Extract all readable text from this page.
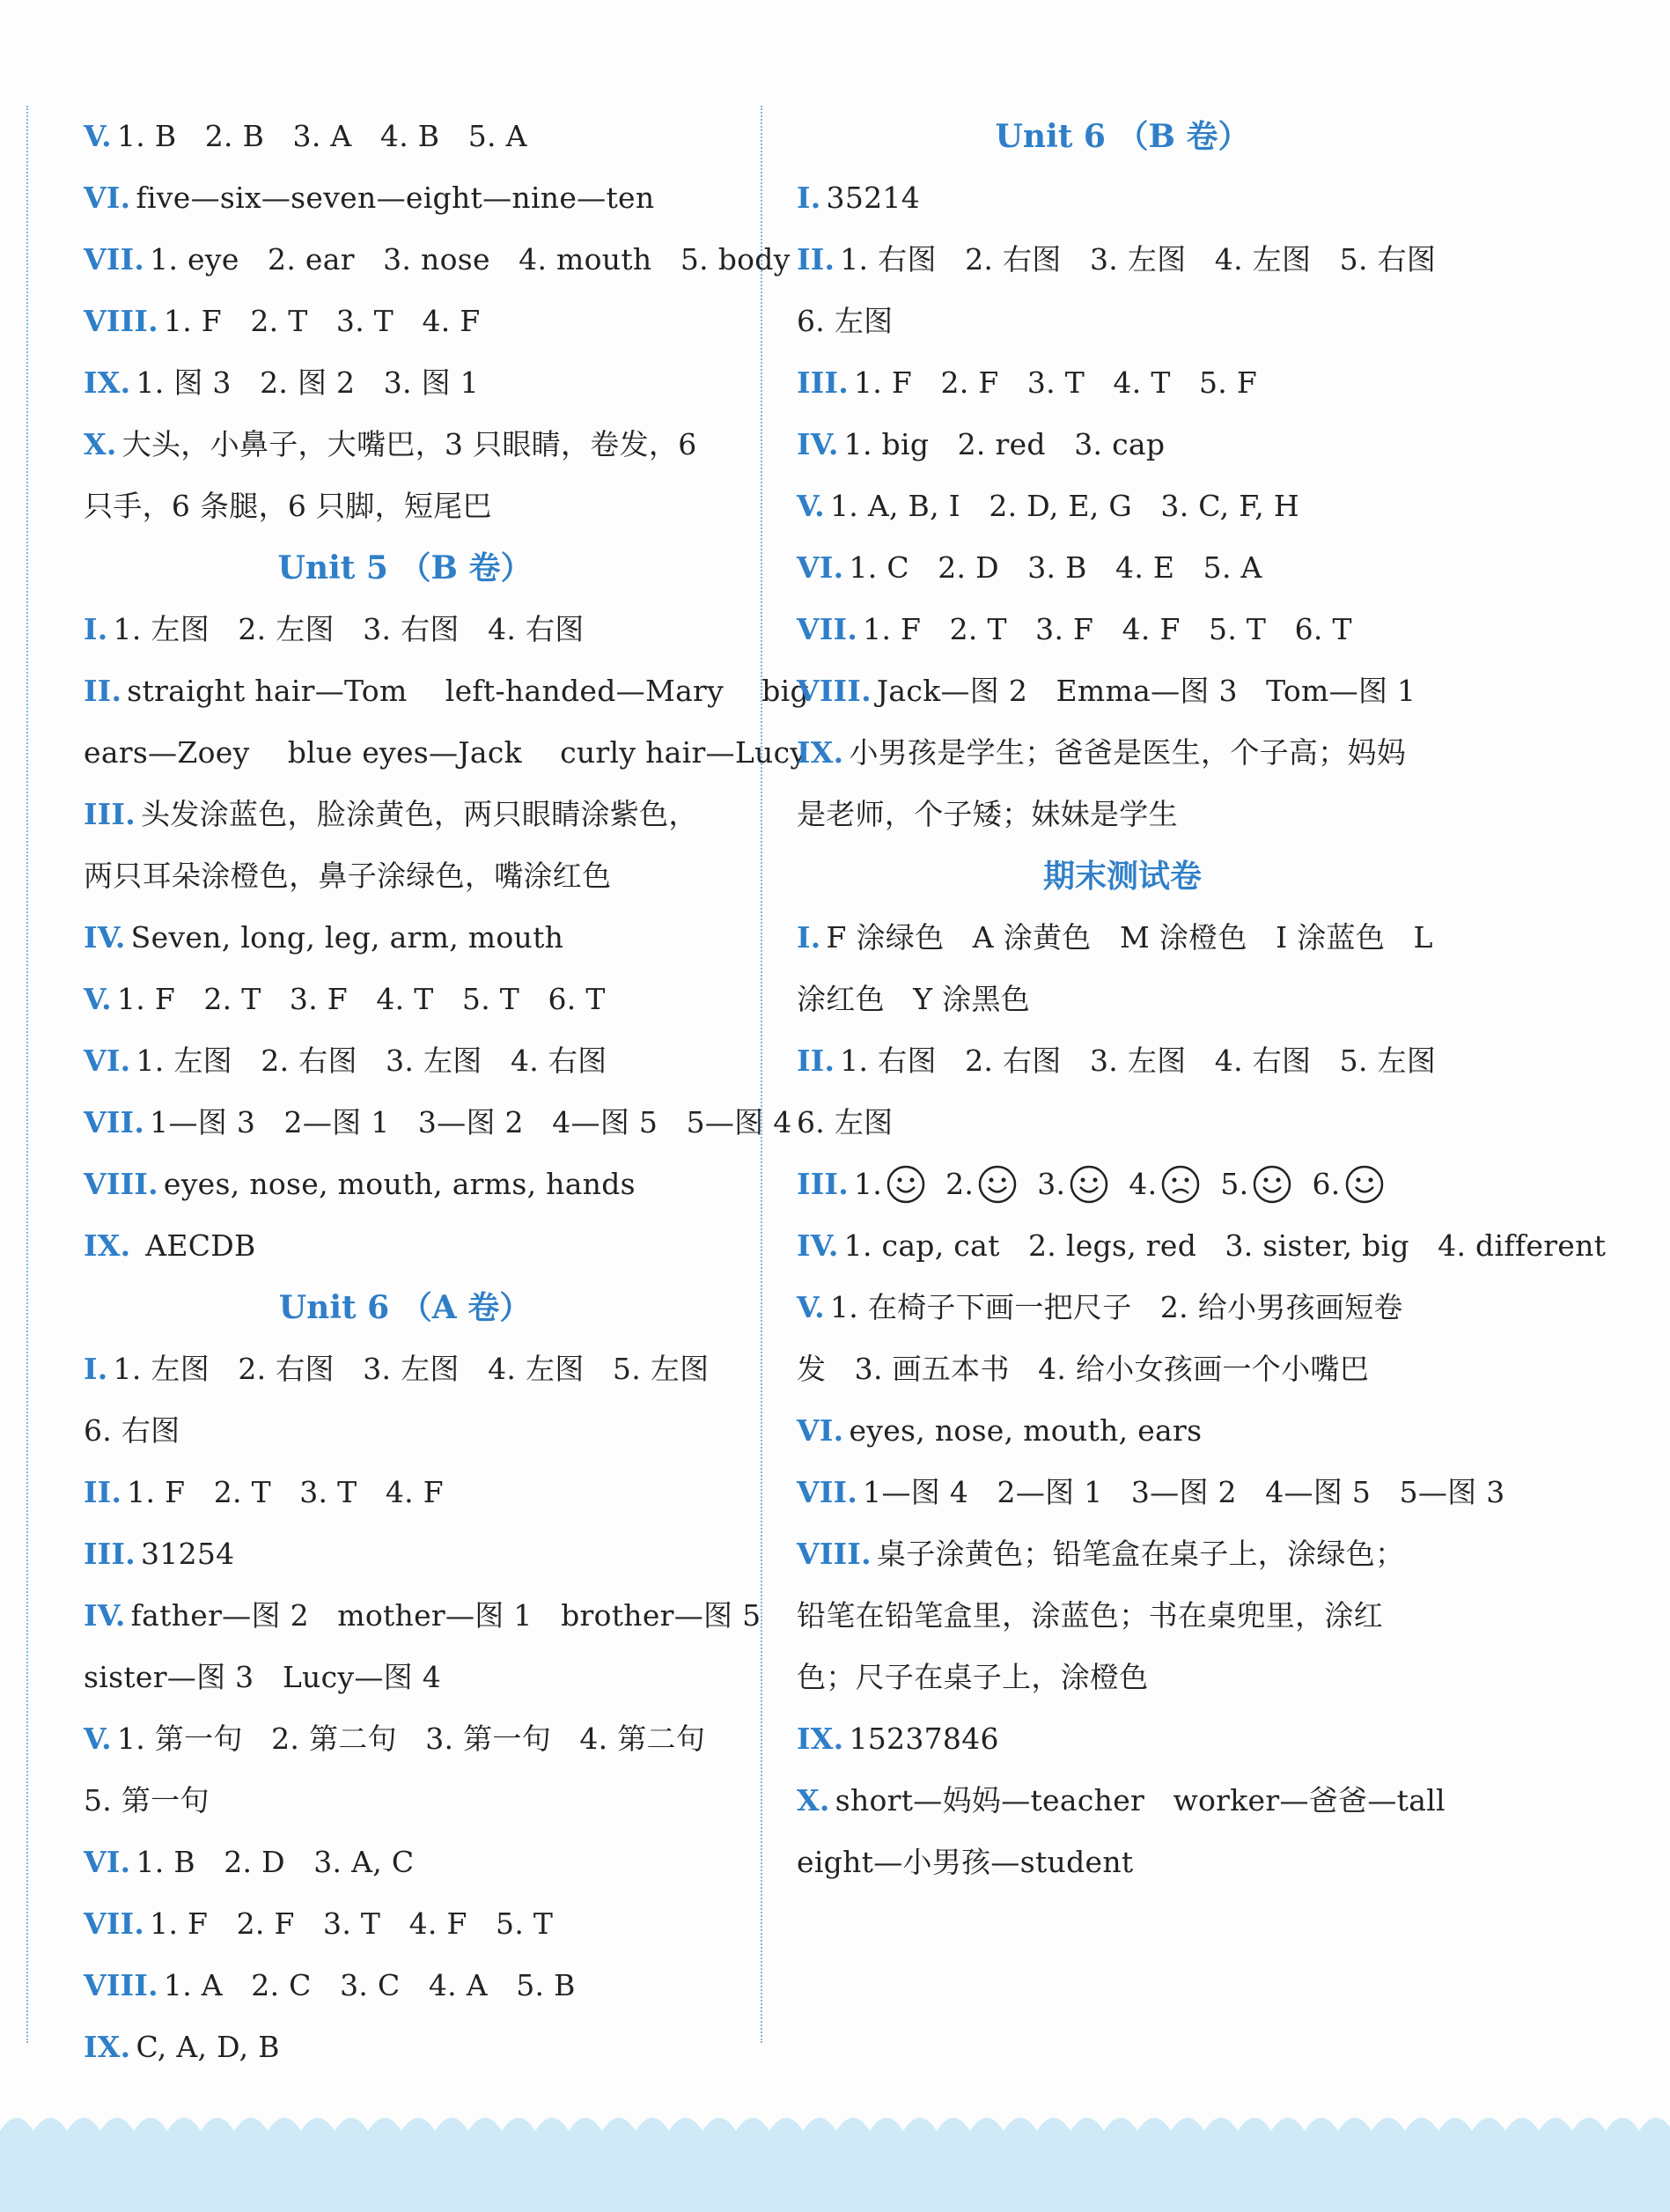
V. 1. B   2. B   3. A   4. B   5. A
VI. five—six—seven—eight—nine—ten
VII. 1. eye   2. ear   3. nose   4. mouth   5. body
VIII. 1. F   2. T   3. T   4. F
IX. 1. 图 3   2. 图 2   3. 图 1
X. 大头，小鼻子，大嘴巴，3 只眼睛，卷发，6
只手，6 条腿，6 只脚，短尾巴
Unit 5 （B 卷）
I. 1. 左图   2. 左图   3. 右图   4. 右图
II. straight hair—Tom    left-handed—Mary    big
ears—Zoey    blue eyes—Jack    curly hair—Lucy
III. 头发涂蓝色，脸涂黄色，两只眼睛涂紫色，
两只耳朵涂橙色，鼻子涂绿色，嘴涂红色
IV. Seven, long, leg, arm, mouth
V. 1. F   2. T   3. F   4. T   5. T   6. T
VI. 1. 左图   2. 右图   3. 左图   4. 右图
VII. 1—图 3   2—图 1   3—图 2   4—图 5   5—图 4
VIII. eyes, nose, mouth, arms, hands
IX. AECDB
Unit 6 （A 卷）
I. 1. 左图   2. 右图   3. 左图   4. 左图   5. 左图
6. 右图
II. 1. F   2. T   3. T   4. F
III. 31254
IV. father—图 2   mother—图 1   brother—图 5
sister—图 3   Lucy—图 4
V. 1. 第一句   2. 第二句   3. 第一句   4. 第二句
5. 第一句
VI. 1. B   2. D   3. A, C
VII. 1. F   2. F   3. T   4. F   5. T
VIII. 1. A   2. C   3. C   4. A   5. B
IX. C, A, D, B
Unit 6 （B 卷）
I. 35214
II. 1. 右图   2. 右图   3. 左图   4. 左图   5. 右图
6. 左图
III. 1. F   2. F   3. T   4. T   5. F
IV. 1. big   2. red   3. cap
V. 1. A, B, I   2. D, E, G   3. C, F, H
VI. 1. C   2. D   3. B   4. E   5. A
VII. 1. F   2. T   3. F   4. F   5. T   6. T
VIII. Jack—图 2   Emma—图 3   Tom—图 1
IX. 小男孩是学生；爸爸是医生，个子高；妈妈
是老师，个子矮；妹妹是学生
期末测试卷
I. F 涂绿色   A 涂黄色   M 涂橙色   I 涂蓝色   L
涂红色   Y 涂黑色
II. 1. 右图   2. 右图   3. 左图   4. 右图   5. 左图
6. 左图
III. 1. 2. 3. 4. 5. 6.
IV. 1. cap, cat   2. legs, red   3. sister, big   4. different
V. 1. 在椅子下画一把尺子   2. 给小男孩画短卷
发   3. 画五本书   4. 给小女孩画一个小嘴巴
VI. eyes, nose, mouth, ears
VII. 1—图 4   2—图 1   3—图 2   4—图 5   5—图 3
VIII. 桌子涂黄色；铅笔盒在桌子上，涂绿色；
铅笔在铅笔盒里，涂蓝色；书在桌兜里，涂红
色；尺子在桌子上，涂橙色
IX. 15237846
X. short—妈妈—teacher   worker—爸爸—tall
eight—小男孩—student
